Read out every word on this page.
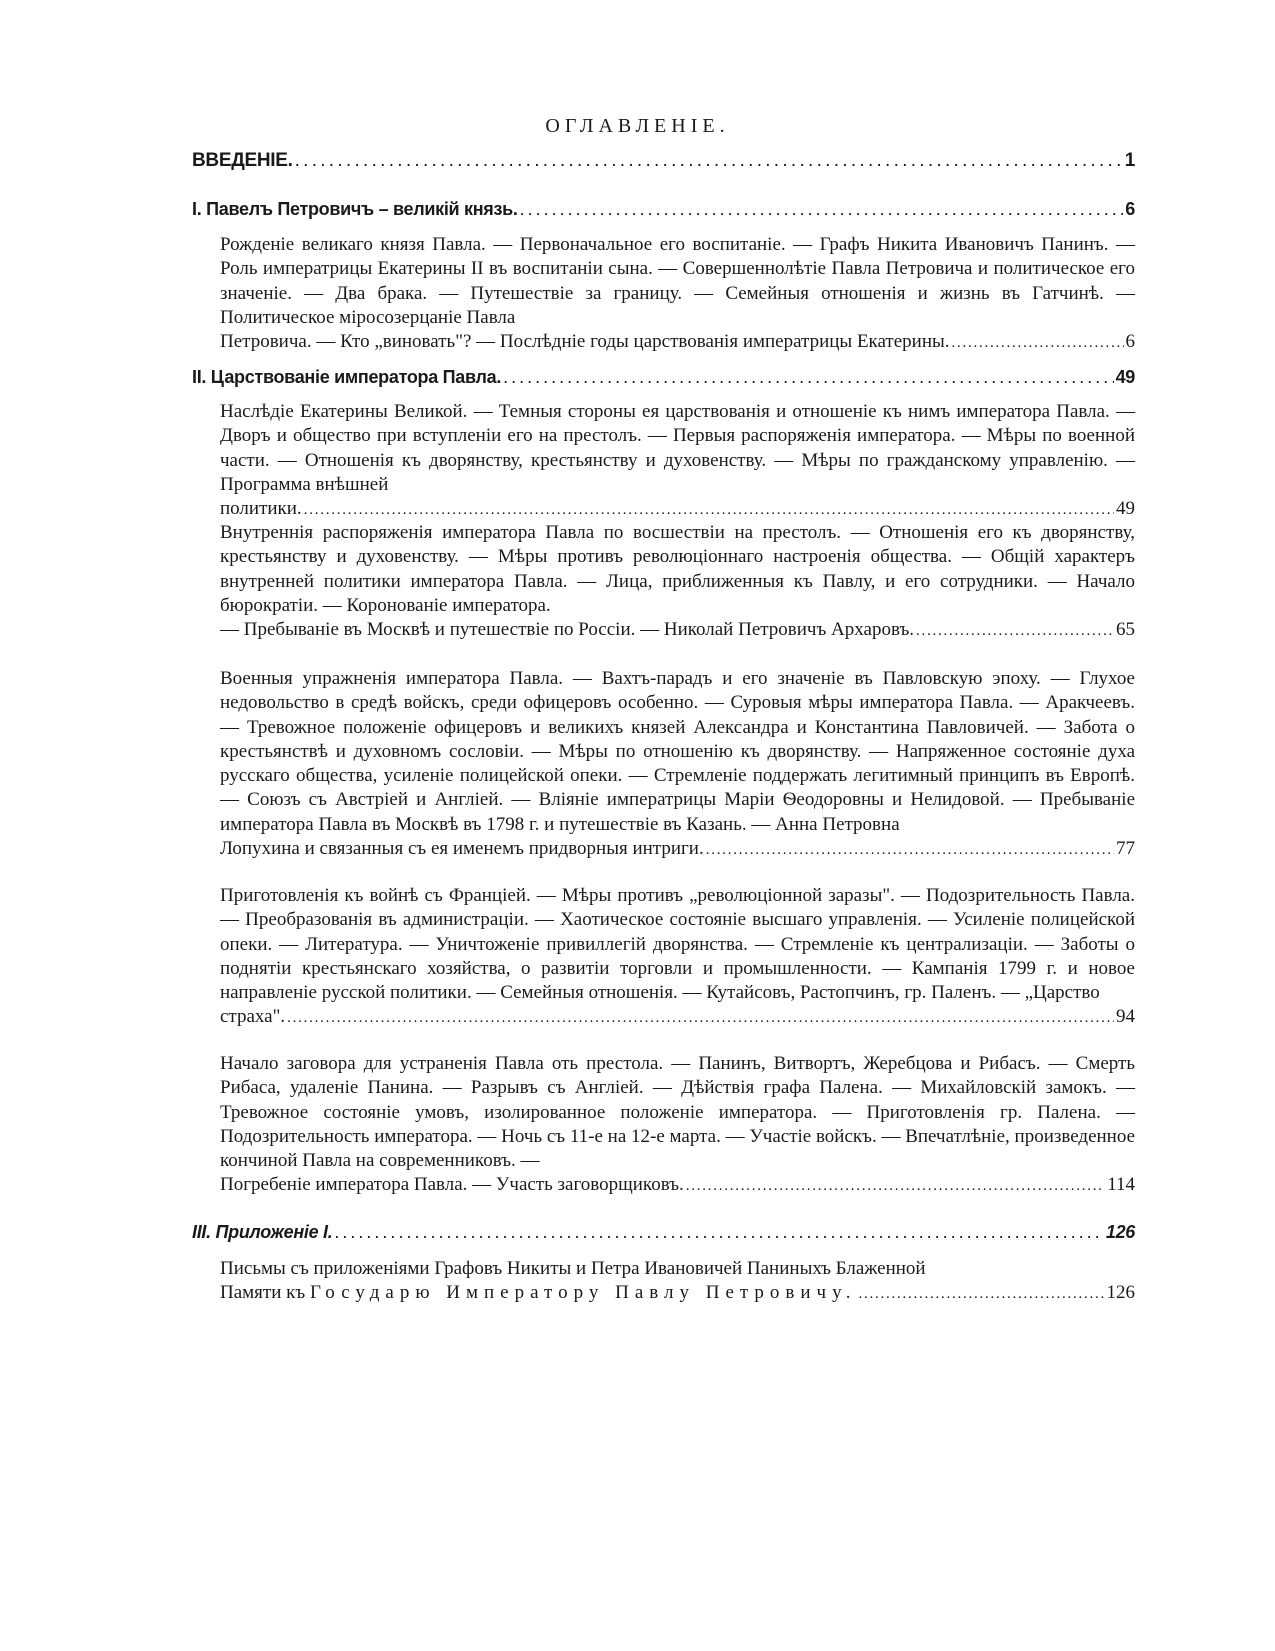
ОГЛАВЛЕНIЕ.
ВВЕДЕНIЕ. . . .	1
I. Павелъ Петровичъ – великiй князь. . . .	6
Рожденiе великаго князя Павла. — Первоначальное его воспитанiе. — Графъ Никита Ивановичъ Панинъ. — Роль императрицы Екатерины II въ воспитанiи сына. — Совершеннолѣтiе Павла Петровича и политическое его значенiе. — Два брака. — Путешествiе за границу. — Семейныя отношенiя и жизнь въ Гатчинѣ. — Политическое мiросозерцанiе Павла
Петровича. — Кто „виновать"? — Послѣднiе годы царствованiя императрицы Екатерины. . . .	6
II. Царствованiе императора Павла. . . .	49
Наслѣдiе Екатерины Великой. — Темныя стороны ея царствованiя и отношенiе къ нимъ императора Павла. — Дворъ и общество при вступленiи его на престолъ. — Первыя распоряженiя императора. — Мѣры по военной части. — Отношенiя къ дворянству, крестьянству и духовенству. — Мѣры по гражданскому управленiю. — Программа внѣшней
политики. . . .	49
Внутреннiя распоряженiя императора Павла по восшествiи на престолъ. — Отношенiя его къ дворянству, крестьянству и духовенству. — Мѣры противъ революцiоннаго настроенiя общества. — Общiй характеръ внутренней политики императора Павла. — Лица, приближенныя къ Павлу, и его сотрудники. — Начало бюрократiи. — Коронованiе императора.
— Пребыванiе въ Москвѣ и путешествiе по Россiи. — Николай Петровичъ Архаровъ. . . .	65
Военныя упражненiя императора Павла. — Вахтъ-парадъ и его значенiе въ Павловскую эпоху. — Глухое недовольство в средѣ войскъ, среди офицеровъ особенно. — Суровыя мѣры императора Павла. — Аракчеевъ. — Тревожное положенiе офицеровъ и великихъ князей Александра и Константина Павловичей. — Забота о крестьянствѣ и духовномъ сословiи. — Мѣры по отношенiю къ дворянству. — Напряженное состоянiе духа русскаго общества, усиленiе полицейской опеки. — Стремленiе поддержать легитимный принципъ въ Европѣ. — Союзъ съ Австрiей и Англiей. — Влiянiе императрицы Марiи Ѳеодоровны и Нелидовой. — Пребыванiе императора Павла въ Москвѣ въ 1798 г. и путешествiе въ Казань. — Анна Петровна
Лопухина и связанныя съ ея именемъ придворныя интриги. . . .	77
Приготовленiя къ войнѣ съ Францiей. — Мѣры противъ „революцiонной заразы". — Подозрительность Павла. — Преобразованiя въ администрацiи. — Хаотическое состоянiе высшаго управленiя. — Усиленiе полицейской опеки. — Литература. — Уничтоженiе привиллегiй дворянства. — Стремленiе къ централизацiи. — Заботы о поднятiи крестьянскаго хозяйства, о развитiи торговли и промышленности. — Кампанiя 1799 г. и новое направленiе русской политики. — Семейныя отношенiя. — Кутайсовъ, Растопчинъ, гр. Паленъ. — „Царство
страха". . . .	94
Начало заговора для устраненiя Павла оть престола. — Панинъ, Витвортъ, Жеребцова и Рибасъ. — Смерть Рибаса, удаленiе Панина. — Разрывъ съ Англiей. — Дѣйствiя графа Палена. — Михайловскiй замокъ. — Тревожное состоянiе умовъ, изолированное положенiе императора. — Приготовленiя гр. Палена. — Подозрительность императора. — Ночь съ 11-е на 12-е марта. — Участiе войскъ. — Впечатлѣнiе, произведенное кончиной Павла на современниковъ. —
Погребенiе императора Павла. — Участь заговорщиковъ. . . .	114
III. Приложенiе I. . . .	126
Письмы съ приложенiями Графовъ Никиты и Петра Ивановичей Паниныхъ Блаженной
Памяти къ Государю Императору Павлу Петровичу. . . .	126
